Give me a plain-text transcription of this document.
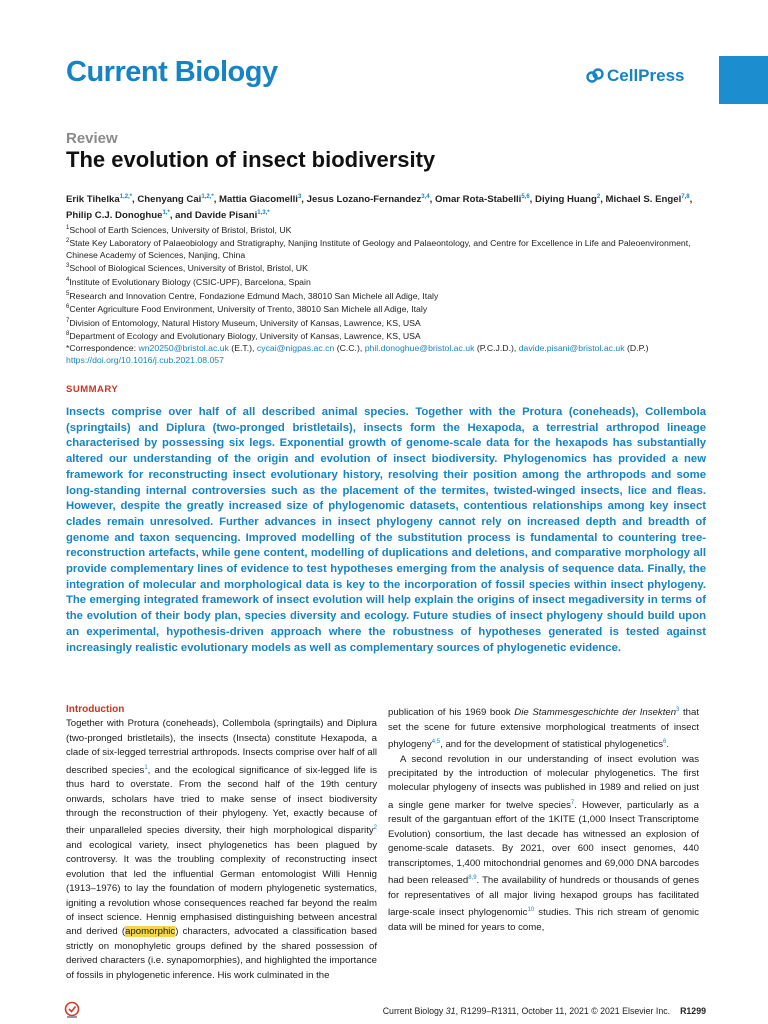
Current Biology	CellPress
Review
The evolution of insect biodiversity
Erik Tihelka$^{1,2,*}$, Chenyang Cai$^{1,2,*}$, Mattia Giacomelli$^3$, Jesus Lozano-Fernandez$^{3,4}$, Omar Rota-Stabelli$^{5,6}$, Diying Huang$^2$, Michael S. Engel$^{7,8}$, Philip C.J. Donoghue$^{1,*}$, and Davide Pisani$^{1,3,*}$
$^1$School of Earth Sciences, University of Bristol, Bristol, UK
$^2$State Key Laboratory of Palaeobiology and Stratigraphy, Nanjing Institute of Geology and Palaeontology, and Centre for Excellence in Life and Paleoenvironment, Chinese Academy of Sciences, Nanjing, China
$^3$School of Biological Sciences, University of Bristol, Bristol, UK
$^4$Institute of Evolutionary Biology (CSIC-UPF), Barcelona, Spain
$^5$Research and Innovation Centre, Fondazione Edmund Mach, 38010 San Michele all Adige, Italy
$^6$Center Agriculture Food Environment, University of Trento, 38010 San Michele all Adige, Italy
$^7$Division of Entomology, Natural History Museum, University of Kansas, Lawrence, KS, USA
$^8$Department of Ecology and Evolutionary Biology, University of Kansas, Lawrence, KS, USA
*Correspondence: wn20250@bristol.ac.uk (E.T.), cycai@nigpas.ac.cn (C.C.), phil.donoghue@bristol.ac.uk (P.C.J.D.), davide.pisani@bristol.ac.uk (D.P.)
https://doi.org/10.1016/j.cub.2021.08.057
SUMMARY

Insects comprise over half of all described animal species. Together with the Protura (coneheads), Collembola (springtails) and Diplura (two-pronged bristletails), insects form the Hexapoda, a terrestrial arthropod lineage characterised by possessing six legs. Exponential growth of genome-scale data for the hexapods has substantially altered our understanding of the origin and evolution of insect biodiversity. Phylogenomics has provided a new framework for reconstructing insect evolutionary history, resolving their position among the arthropods and some long-standing internal controversies such as the placement of the termites, twisted-winged insects, lice and fleas. However, despite the greatly increased size of phylogenomic datasets, contentious relationships among key insect clades remain unresolved. Further advances in insect phylogeny cannot rely on increased depth and breadth of genome and taxon sequencing. Improved modelling of the substitution process is fundamental to countering tree-reconstruction artefacts, while gene content, modelling of duplications and deletions, and comparative morphology all provide complementary lines of evidence to test hypotheses emerging from the analysis of sequence data. Finally, the integration of molecular and morphological data is key to the incorporation of fossil species within insect phylogeny. The emerging integrated framework of insect evolution will help explain the origins of insect megadiversity in terms of the evolution of their body plan, species diversity and ecology. Future studies of insect phylogeny should build upon an experimental, hypothesis-driven approach where the robustness of hypotheses generated is tested against increasingly realistic evolutionary models as well as complementary sources of phylogenetic evidence.

Introduction

Together with Protura (coneheads), Collembola (springtails) and Diplura (two-pronged bristletails), the insects (Insecta) constitute Hexapoda, a clade of six-legged terrestrial arthropods. Insects comprise over half of all described species$^1$, and the ecological significance of six-legged life is thus hard to overstate. From the second half of the 19th century onwards, scholars have tried to make sense of insect biodiversity through the reconstruction of their phylogeny. Yet, exactly because of their unparalleled species diversity, their high morphological disparity$^2$ and ecological variety, insect phylogenetics has been plagued by controversy. It was the troubling complexity of reconstructing insect evolution that led the influential German entomologist Willi Hennig (1913–1976) to lay the foundation of modern phylogenetic systematics, igniting a revolution whose consequences reached far beyond the realm of insect science. Hennig emphasised distinguishing between ancestral and derived (apomorphic) characters, advocated a classification based strictly on monophyletic groups defined by the shared possession of derived characters (i.e. synapomorphies), and highlighted the importance of fossils in phylogenetic inference. His work culminated in the

publication of his 1969 book Die Stammesgeschichte der Insekten$^3$ that set the scene for future extensive morphological treatments of insect phylogeny$^{4,5}$, and for the development of statistical phylogenetics$^6$.

A second revolution in our understanding of insect evolution was precipitated by the introduction of molecular phylogenetics. The first molecular phylogeny of insects was published in 1989 and relied on just a single gene marker for twelve species$^7$. However, particularly as a result of the gargantuan effort of the 1KITE (1,000 Insect Transcriptome Evolution) consortium, the last decade has witnessed an explosion of genome-scale datasets. By 2021, over 600 insect genomes, 440 transcriptomes, 1,400 mitochondrial genomes and 69,000 DNA barcodes had been released$^{8,9}$. The availability of hundreds or thousands of genes for representatives of all major living hexapod groups has facilitated large-scale insect phylogenomic$^{10}$ studies. This rich stream of genomic data will be mined for years to come,

Current Biology 31, R1299–R1311, October 11, 2021 © 2021 Elsevier Inc. R1299
